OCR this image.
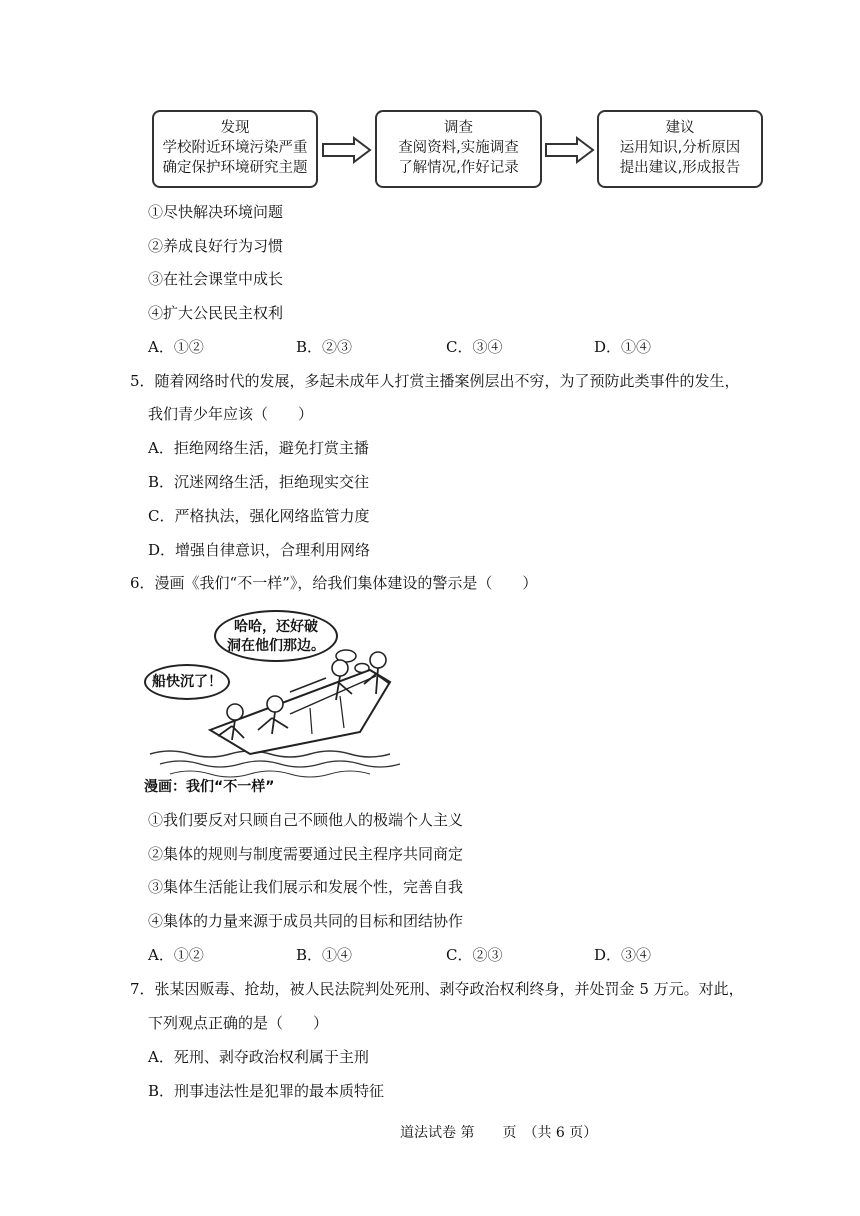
发现
学校附近环境污染严重
确定保护环境研究主题
调查
查阅资料,实施调查
了解情况,作好记录
建议
运用知识,分析原因
提出建议,形成报告
①尽快解决环境问题
②养成良好行为习惯
③在社会课堂中成长
④扩大公民民主权利
A．①②	B．②③	C．③④	D．①④
5．随着网络时代的发展，多起未成年人打赏主播案例层出不穷，为了预防此类事件的发生，
我们青少年应该（　　）
A．拒绝网络生活，避免打赏主播
B．沉迷网络生活，拒绝现实交往
C．严格执法，强化网络监管力度
D．增强自律意识，合理利用网络
6．漫画《我们“不一样”》，给我们集体建设的警示是（　　）
哈哈，还好破
洞在他们那边。
船快沉了！
漫画：我们“不一样”
①我们要反对只顾自己不顾他人的极端个人主义
②集体的规则与制度需要通过民主程序共同商定
③集体生活能让我们展示和发展个性，完善自我
④集体的力量来源于成员共同的目标和团结协作
A．①②	B．①④	C．②③	D．③④
7．张某因贩毒、抢劫，被人民法院判处死刑、剥夺政治权利终身，并处罚金 5 万元。对此，
下列观点正确的是（　　）
A．死刑、剥夺政治权利属于主刑
B．刑事违法性是犯罪的最本质特征
道法试卷 第　　页　（共 6 页）
